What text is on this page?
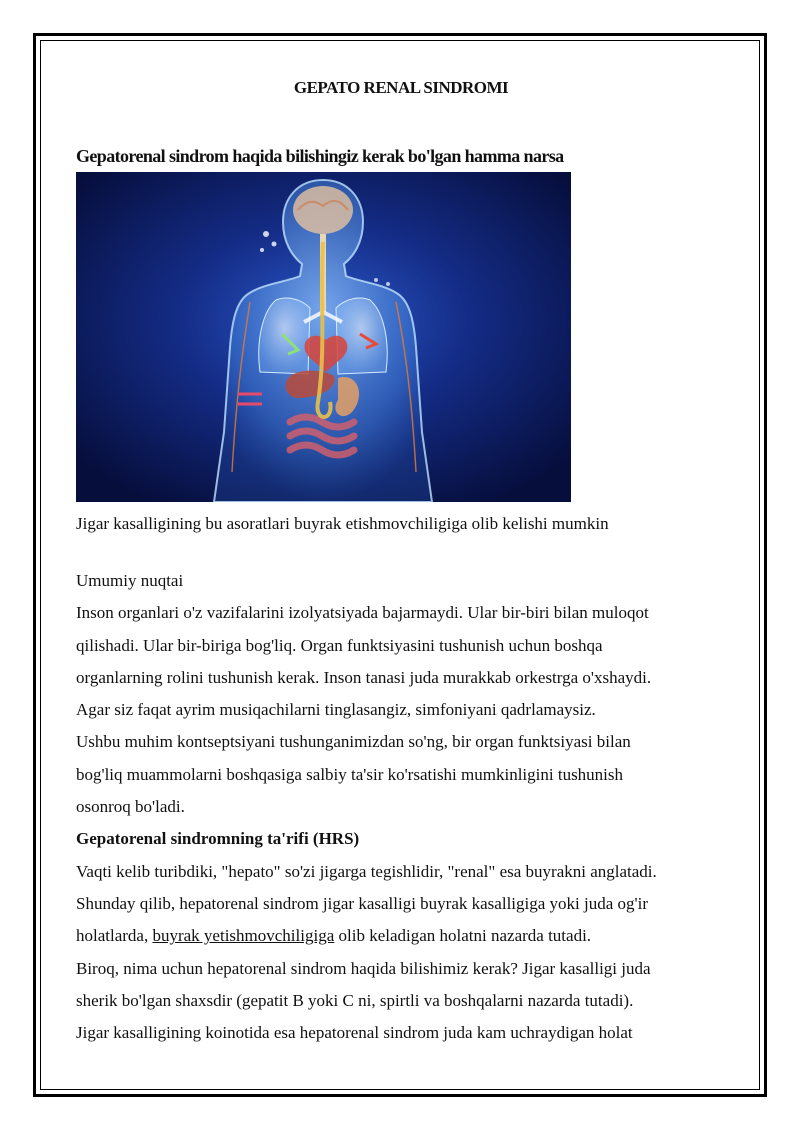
GEPATO RENAL SINDROMI
Gepatorenal sindrom haqida bilishingiz kerak bo'lgan hamma narsa
Jigar kasalligining bu asoratlari buyrak etishmovchiligiga olib kelishi mumkin

Umumiy nuqtai

Inson organlari o'z vazifalarini izolyatsiyada bajarmaydi. Ular bir-biri bilan muloqot

qilishadi. Ular bir-biriga bog'liq. Organ funktsiyasini tushunish uchun boshqa

organlarning rolini tushunish kerak. Inson tanasi juda murakkab orkestrga o'xshaydi.

Agar siz faqat ayrim musiqachilarni tinglasangiz, simfoniyani qadrlamaysiz.

Ushbu muhim kontseptsiyani tushunganimizdan so'ng, bir organ funktsiyasi bilan

bog'liq muammolarni boshqasiga salbiy ta'sir ko'rsatishi mumkinligini tushunish

osonroq bo'ladi.

Gepatorenal sindromning ta'rifi (HRS)

Vaqti kelib turibdiki, "hepato" so'zi jigarga tegishlidir, "renal" esa buyrakni anglatadi.

Shunday qilib, hepatorenal sindrom jigar kasalligi buyrak kasalligiga yoki juda og'ir

holatlarda, buyrak yetishmovchiligiga olib keladigan holatni nazarda tutadi.

Biroq, nima uchun hepatorenal sindrom haqida bilishimiz kerak? Jigar kasalligi juda

sherik bo'lgan shaxsdir (gepatit B yoki C ni, spirtli va boshqalarni nazarda tutadi).

Jigar kasalligining koinotida esa hepatorenal sindrom juda kam uchraydigan holat
